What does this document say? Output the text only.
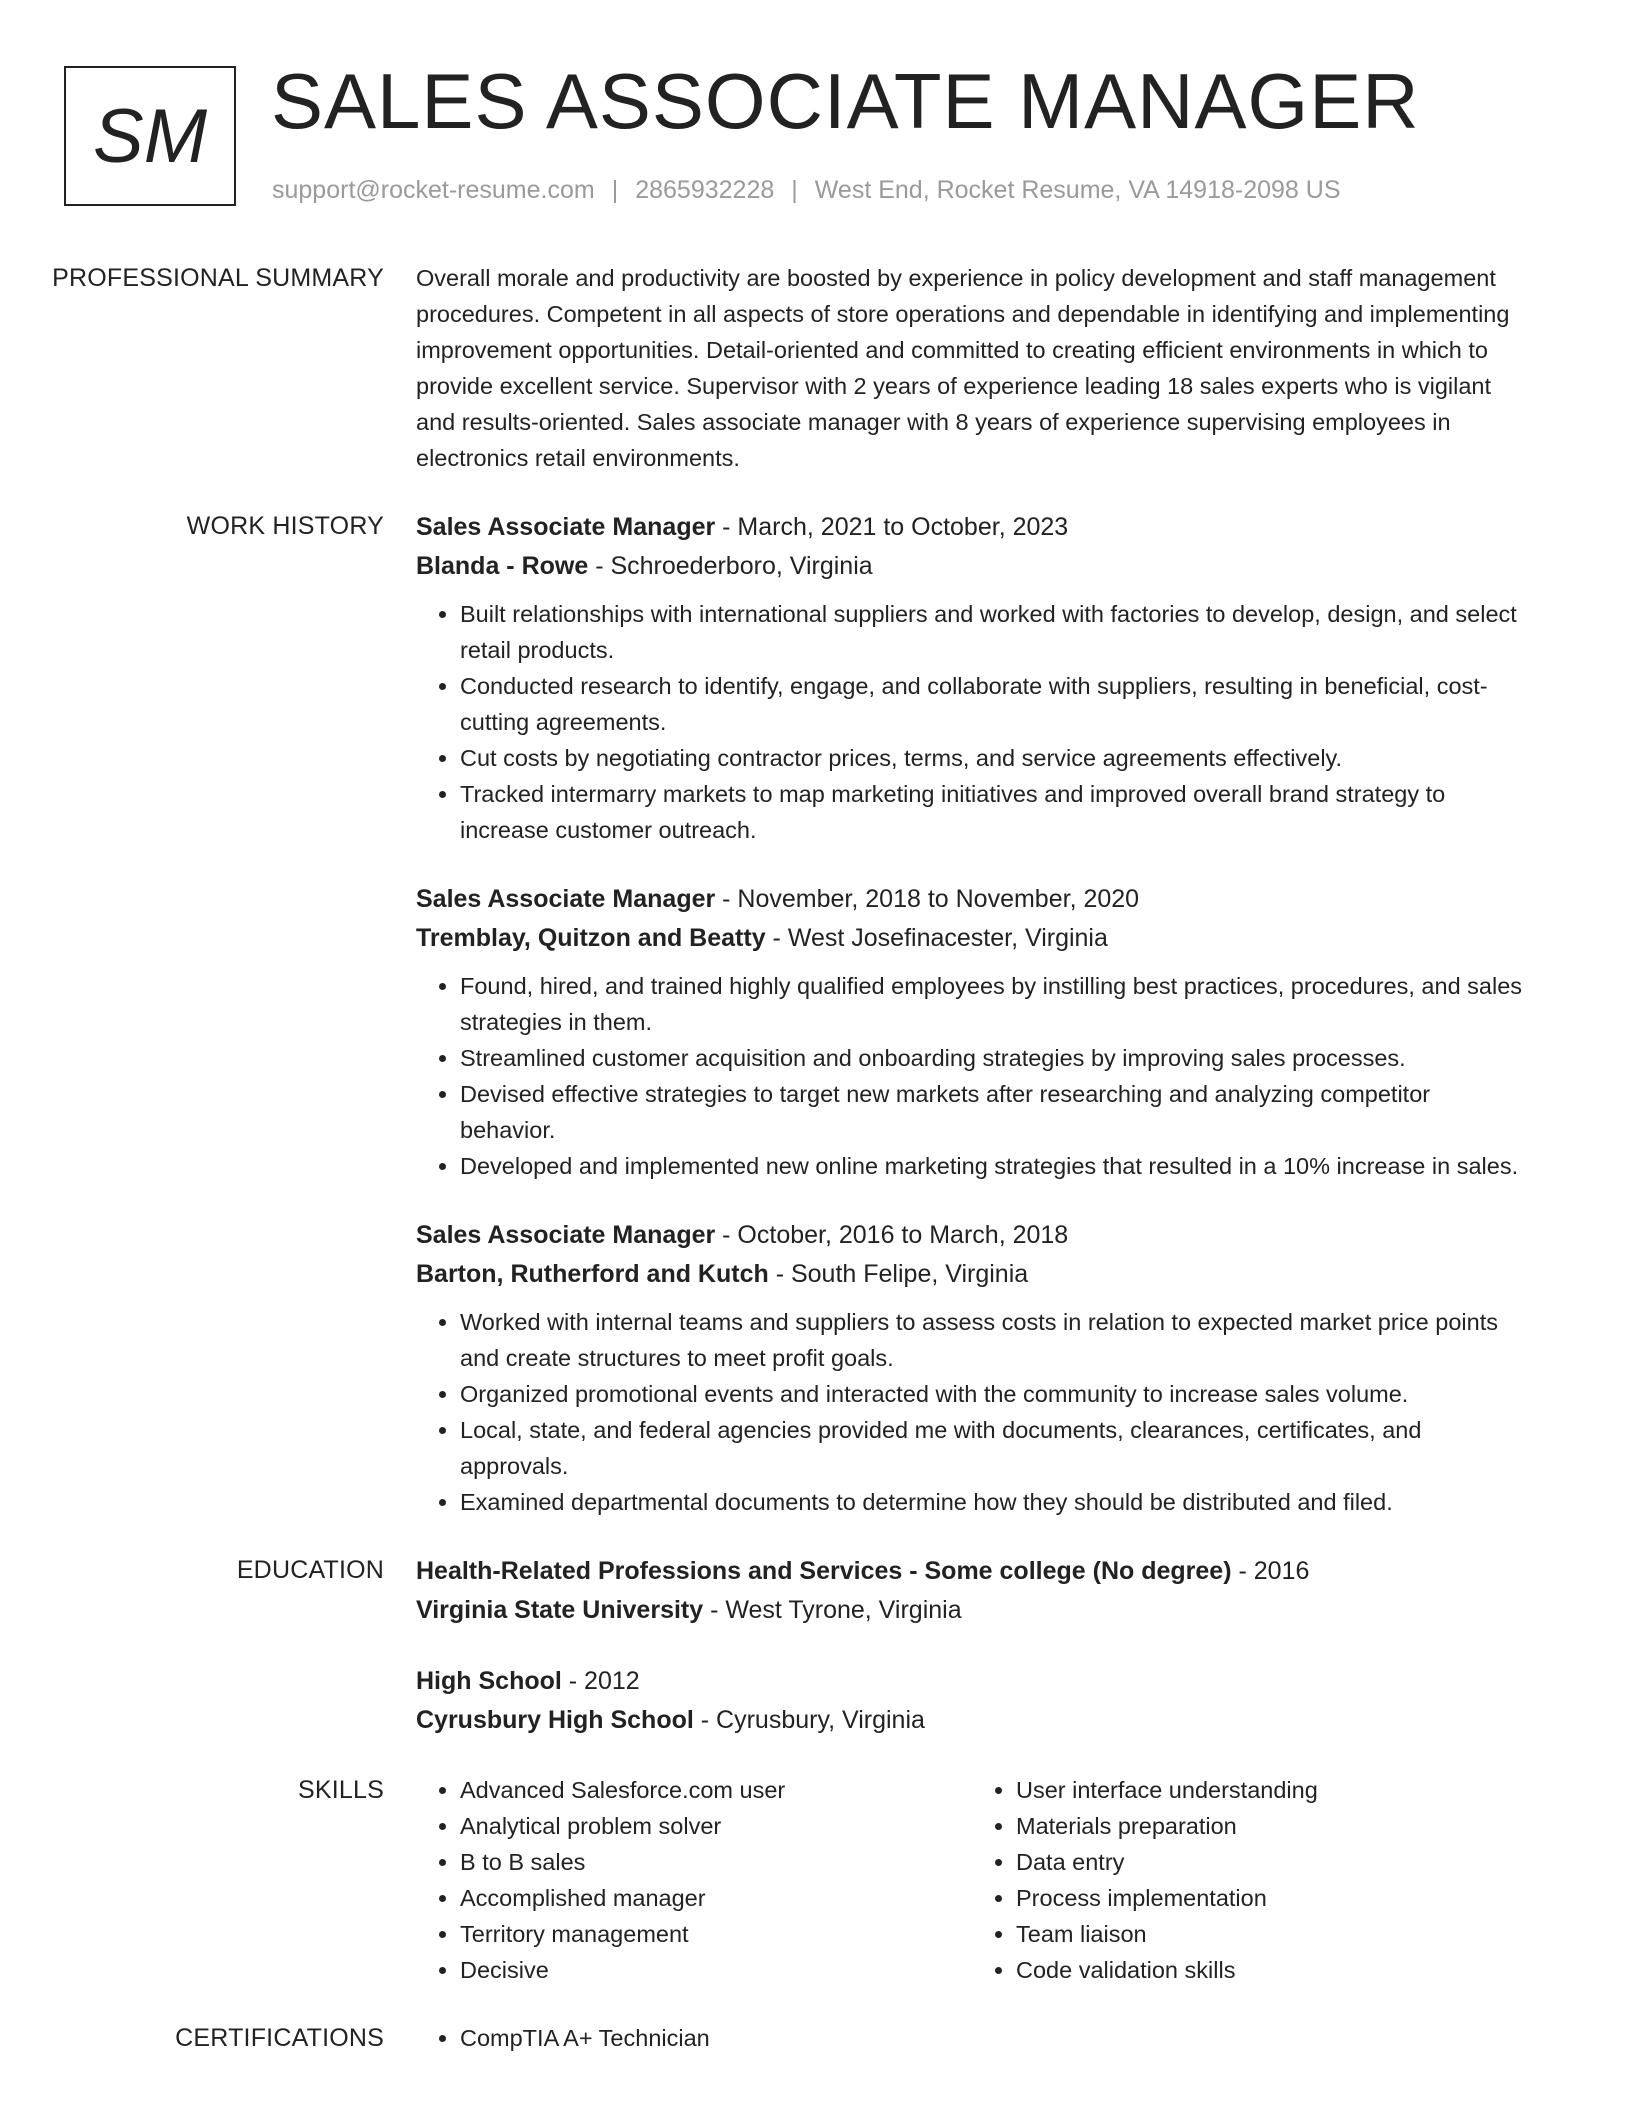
SM SALES ASSOCIATE MANAGER
support@rocket-resume.com | 2865932228 | West End, Rocket Resume, VA 14918-2098 US
PROFESSIONAL SUMMARY	Overall morale and productivity are boosted by experience in policy development and staff management procedures. Competent in all aspects of store operations and dependable in identifying and implementing improvement opportunities. Detail-oriented and committed to creating efficient environments in which to provide excellent service. Supervisor with 2 years of experience leading 18 sales experts who is vigilant and results-oriented. Sales associate manager with 8 years of experience supervising employees in electronics retail environments.

WORK HISTORY	Sales Associate Manager - March, 2021 to October, 2023
Blanda - Rowe - Schroederboro, Virginia
• Built relationships with international suppliers and worked with factories to develop, design, and select retail products.
• Conducted research to identify, engage, and collaborate with suppliers, resulting in beneficial, cost-cutting agreements.
• Cut costs by negotiating contractor prices, terms, and service agreements effectively.
• Tracked intermarry markets to map marketing initiatives and improved overall brand strategy to increase customer outreach.
Sales Associate Manager - November, 2018 to November, 2020
Tremblay, Quitzon and Beatty - West Josefinacester, Virginia
• Found, hired, and trained highly qualified employees by instilling best practices, procedures, and sales strategies in them.
• Streamlined customer acquisition and onboarding strategies by improving sales processes.
• Devised effective strategies to target new markets after researching and analyzing competitor behavior.
• Developed and implemented new online marketing strategies that resulted in a 10% increase in sales.
Sales Associate Manager - October, 2016 to March, 2018
Barton, Rutherford and Kutch - South Felipe, Virginia
• Worked with internal teams and suppliers to assess costs in relation to expected market price points and create structures to meet profit goals.
• Organized promotional events and interacted with the community to increase sales volume.
• Local, state, and federal agencies provided me with documents, clearances, certificates, and approvals.
• Examined departmental documents to determine how they should be distributed and filed.
EDUCATION	Health-Related Professions and Services - Some college (No degree) - 2016
Virginia State University - West Tyrone, Virginia
High School - 2012
Cyrusbury High School - Cyrusbury, Virginia
SKILLS	• Advanced Salesforce.com user
• Analytical problem solver
• B to B sales
• Accomplished manager
• Territory management
• Decisive
• User interface understanding
• Materials preparation
• Data entry
• Process implementation
• Team liaison
• Code validation skills
CERTIFICATIONS	• CompTIA A+ Technician
